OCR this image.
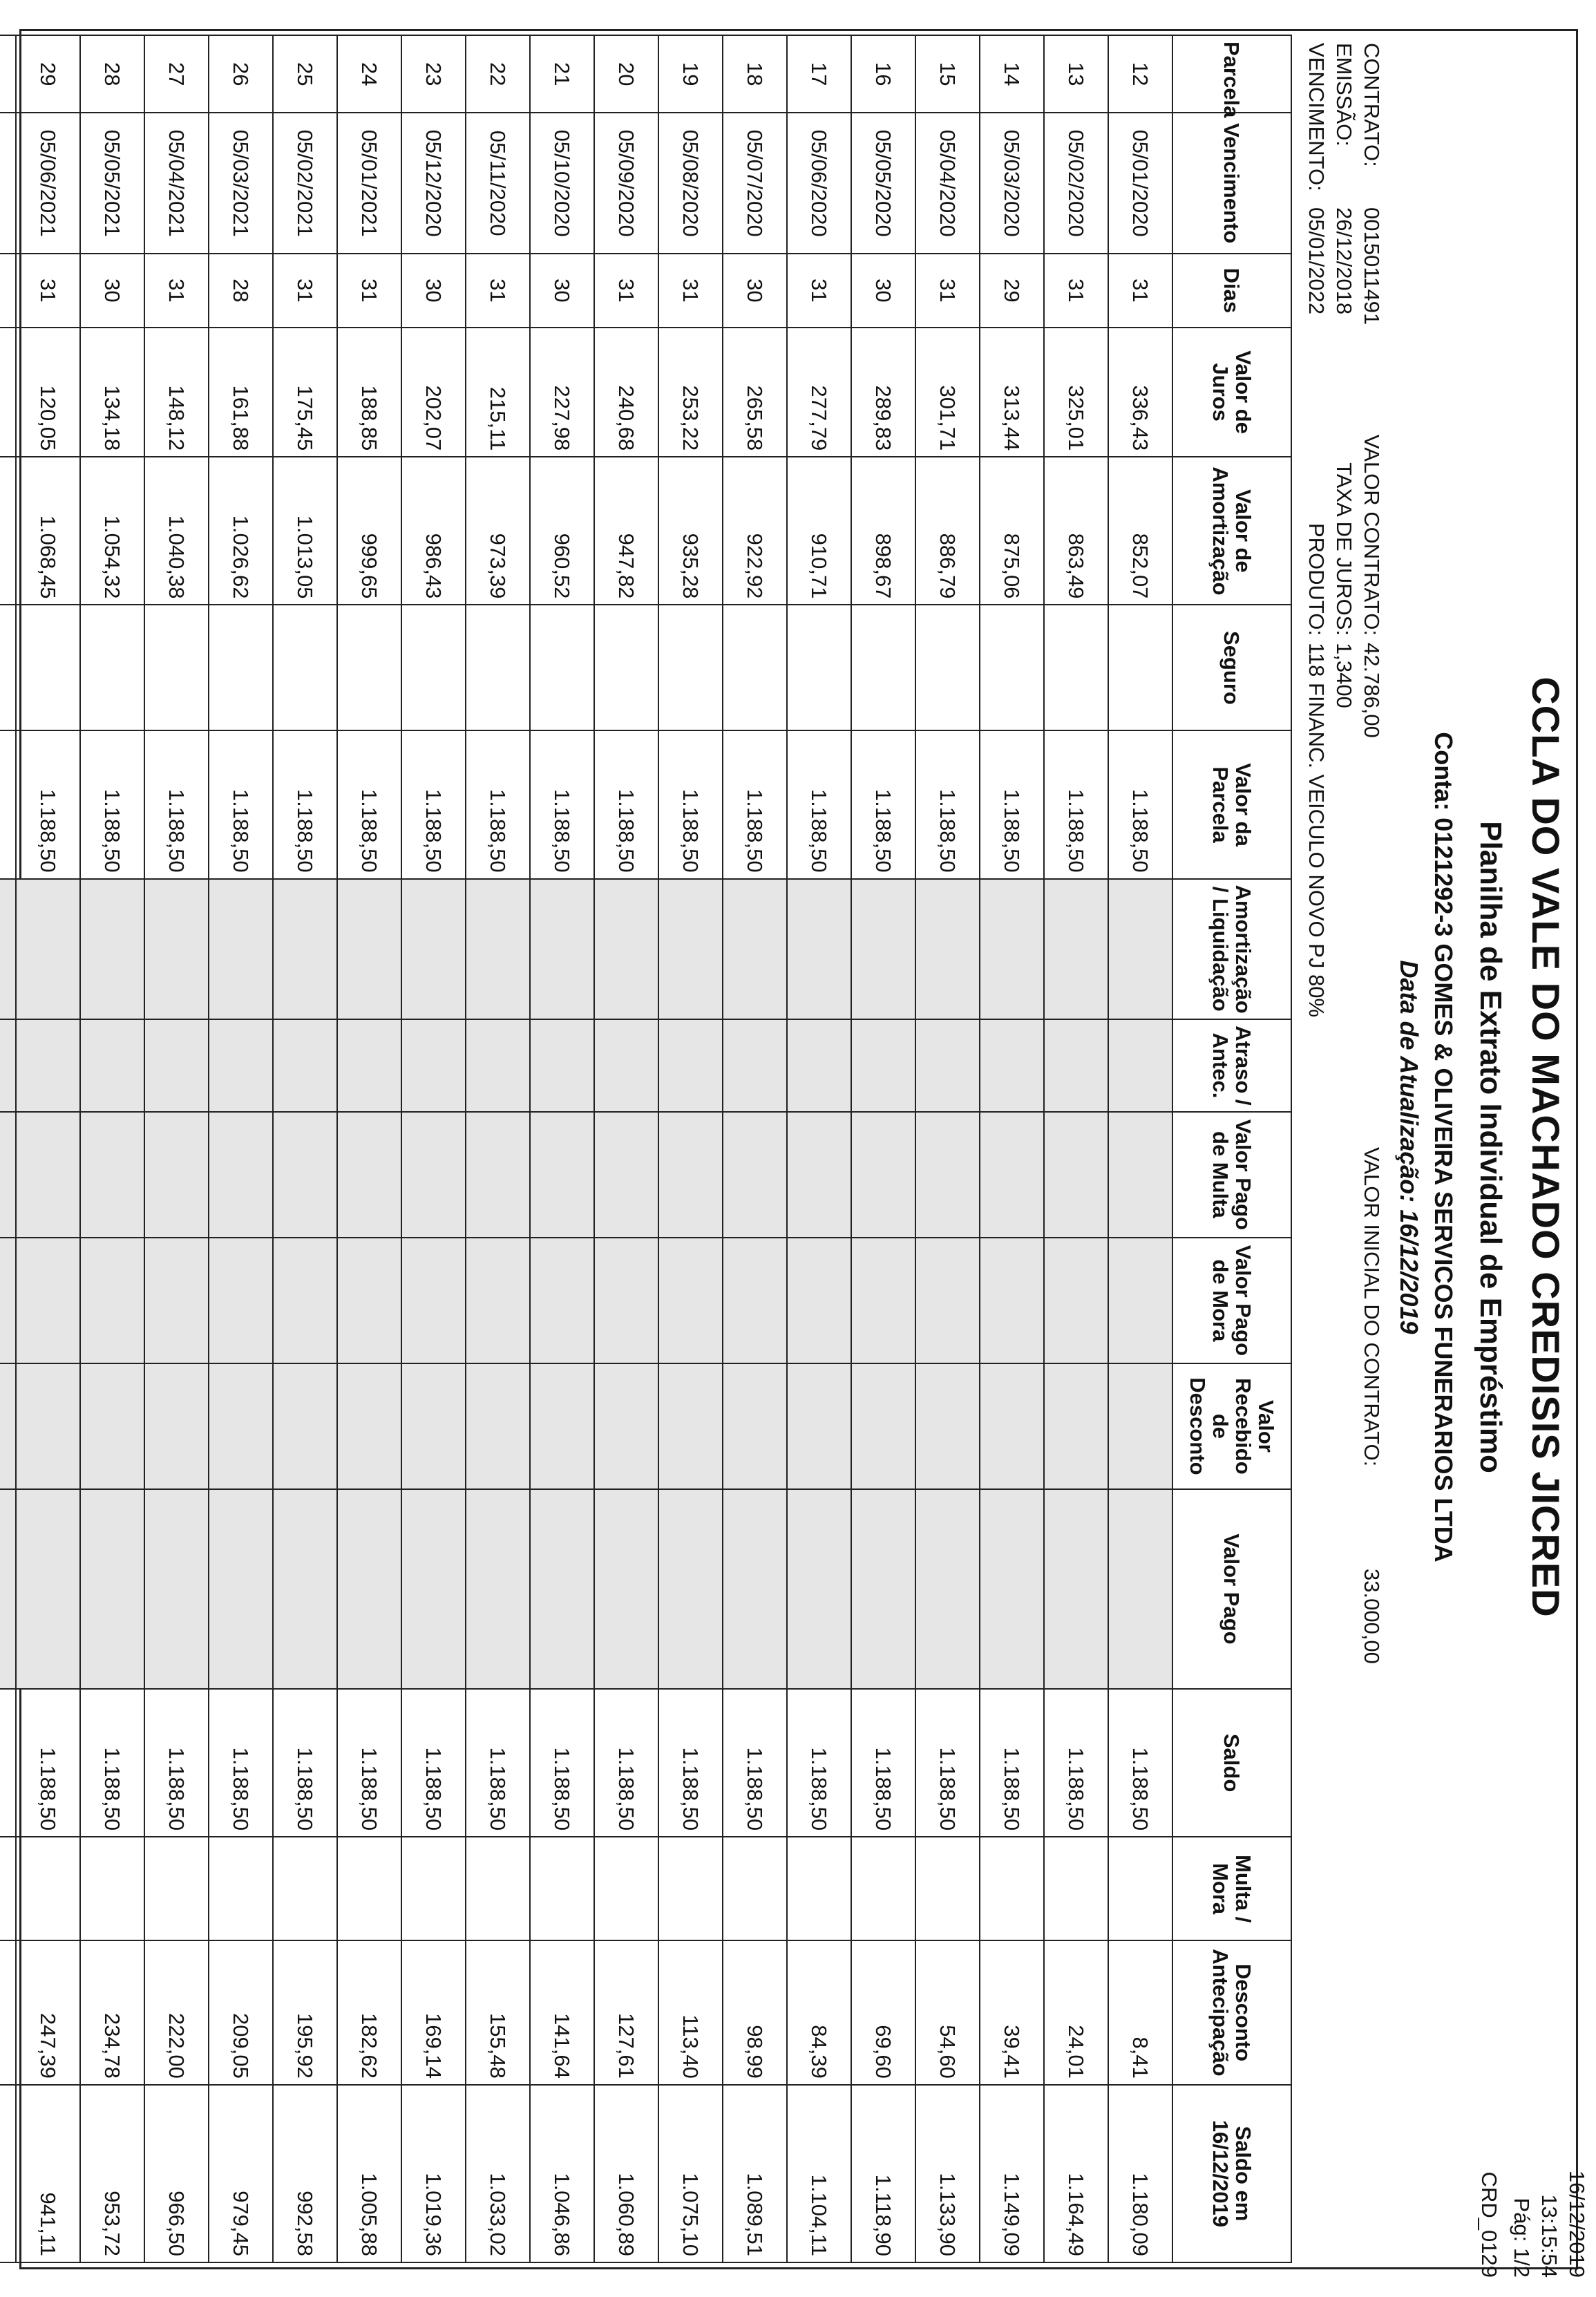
16/12/2019
13:15:54
Pág: 1/2
CRD_0129
CCLA DO VALE DO MACHADO CREDISIS JICRED
Planilha de Extrato Individual de Empréstimo
Conta: 0121292-3 GOMES & OLIVEIRA SERVICOS FUNERARIOS LTDA
Data de Atualização: 16/12/2019
CONTRATO:
0015011491
EMISSÃO:
26/12/2018
VENCIMENTO:
05/01/2022
VALOR CONTRATO:
42.786,00
TAXA DE JUROS:
1,3400
PRODUTO:
118 FINANC. VEICULO NOVO PJ 80%
VALOR INICIAL DO CONTRATO:
33.000,00
Parcela	Vencimento	Dias	Valor de Juros	Valor de Amortização	Seguro	Valor da Parcela	Amortização / Liquidação	Atraso / Antec.	Valor Pago de Multa	Valor Pago de Mora	Valor Recebido de Desconto	Valor Pago	Saldo	Multa / Mora	Desconto Antecipação	Saldo em 16/12/2019
12	05/01/2020	31	336,43	852,07		1.188,50							1.188,50		8,41	1.180,09
13	05/02/2020	31	325,01	863,49		1.188,50							1.188,50		24,01	1.164,49
14	05/03/2020	29	313,44	875,06		1.188,50							1.188,50		39,41	1.149,09
15	05/04/2020	31	301,71	886,79		1.188,50							1.188,50		54,60	1.133,90
16	05/05/2020	30	289,83	898,67		1.188,50							1.188,50		69,60	1.118,90
17	05/06/2020	31	277,79	910,71		1.188,50							1.188,50		84,39	1.104,11
18	05/07/2020	30	265,58	922,92		1.188,50							1.188,50		98,99	1.089,51
19	05/08/2020	31	253,22	935,28		1.188,50							1.188,50		113,40	1.075,10
20	05/09/2020	31	240,68	947,82		1.188,50							1.188,50		127,61	1.060,89
21	05/10/2020	30	227,98	960,52		1.188,50							1.188,50		141,64	1.046,86
22	05/11/2020	31	215,11	973,39		1.188,50							1.188,50		155,48	1.033,02
23	05/12/2020	30	202,07	986,43		1.188,50							1.188,50		169,14	1.019,36
24	05/01/2021	31	188,85	999,65		1.188,50							1.188,50		182,62	1.005,88
25	05/02/2021	31	175,45	1.013,05		1.188,50							1.188,50		195,92	992,58
26	05/03/2021	28	161,88	1.026,62		1.188,50							1.188,50		209,05	979,45
27	05/04/2021	31	148,12	1.040,38		1.188,50							1.188,50		222,00	966,50
28	05/05/2021	30	134,18	1.054,32		1.188,50							1.188,50		234,78	953,72
29	05/06/2021	31	120,05	1.068,45		1.188,50							1.188,50		247,39	941,11
